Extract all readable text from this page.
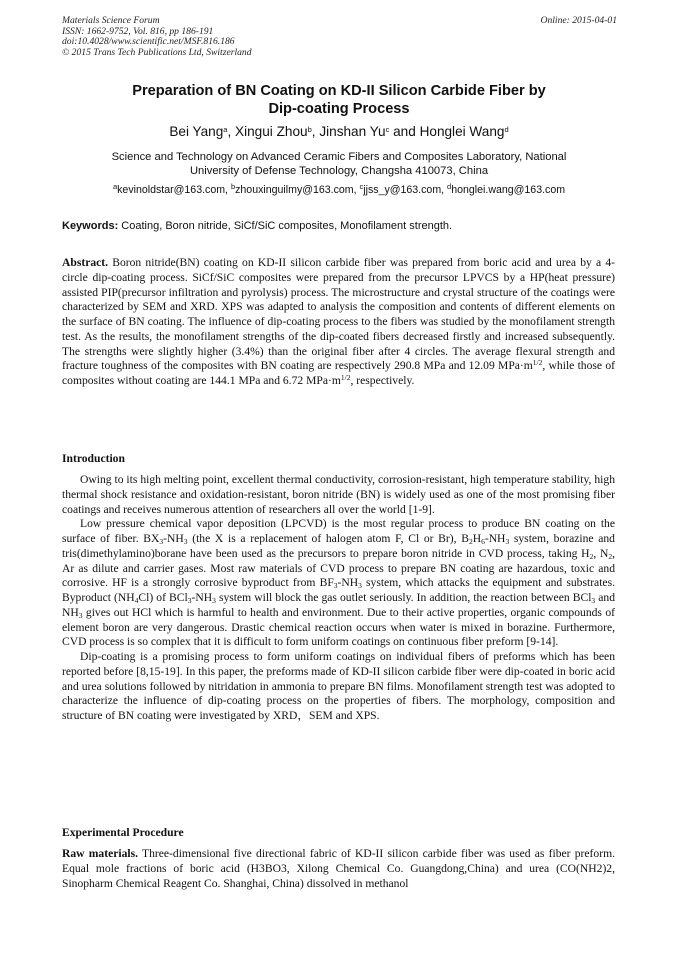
Materials Science Forum
ISSN: 1662-9752, Vol. 816, pp 186-191
doi:10.4028/www.scientific.net/MSF.816.186
© 2015 Trans Tech Publications Ltd, Switzerland
Online: 2015-04-01
Preparation of BN Coating on KD-II Silicon Carbide Fiber by
Dip-coating Process
Bei Yang$^a$, Xingui Zhou$^b$, Jinshan Yu$^c$ and Honglei Wang$^d$
Science and Technology on Advanced Ceramic Fibers and Composites Laboratory, National
University of Defense Technology, Changsha 410073, China
$^a$kevinoldstar@163.com, $^b$zhouxinguilmy@163.com, $^c$jjss_y@163.com, $^d$honglei.wang@163.com
Keywords: Coating, Boron nitride, SiCf/SiC composites, Monofilament strength.

Abstract. Boron nitride(BN) coating on KD-II silicon carbide fiber was prepared from boric acid and urea by a 4-circle dip-coating process. SiCf/SiC composites were prepared from the precursor LPVCS by a HP(heat pressure) assisted PIP(precursor infiltration and pyrolysis) process. The microstructure and crystal structure of the coatings were characterized by SEM and XRD. XPS was adapted to analysis the composition and contents of different elements on the surface of BN coating. The influence of dip-coating process to the fibers was studied by the monofilament strength test. As the results, the monofilament strengths of the dip-coated fibers decreased firstly and increased subsequently. The strengths were slightly higher (3.4%) than the original fiber after 4 circles. The average flexural strength and fracture toughness of the composites with BN coating are respectively 290.8 MPa and 12.09 $MPa\cdot m^{1/2}$, while those of composites without coating are 144.1 MPa and 6.72 $MPa\cdot m^{1/2}$, respectively.

Introduction

Owing to its high melting point, excellent thermal conductivity, corrosion-resistant, high temperature stability, high thermal shock resistance and oxidation-resistant, boron nitride (BN) is widely used as one of the most promising fiber coatings and receives numerous attention of researchers all over the world [1-9].

Low pressure chemical vapor deposition (LPCVD) is the most regular process to produce BN coating on the surface of fiber. $BX_3-NH_3$ (the X is a replacement of halogen atom F, Cl or Br), $B_2H_6-NH_3$ system, borazine and tris(dimethylamino)borane have been used as the precursors to prepare boron nitride in CVD process, taking $H_2$, $N_2$, Ar as dilute and carrier gases. Most raw materials of CVD process to prepare BN coating are hazardous, toxic and corrosive. HF is a strongly corrosive byproduct from $BF_3-NH_3$ system, which attacks the equipment and substrates. Byproduct $(NH_4Cl)$ of $BCl_3-NH_3$ system will block the gas outlet seriously. In addition, the reaction between BCl$_3$ and $NH_3$ gives out HCl which is harmful to health and environment. Due to their active properties, organic compounds of element boron are very dangerous. Drastic chemical reaction occurs when water is mixed in borazine. Furthermore, CVD process is so complex that it is difficult to form uniform coatings on continuous fiber preform [9-14].

Dip-coating is a promising process to form uniform coatings on individual fibers of preforms which has been reported before [8,15-19]. In this paper, the preforms made of KD-II silicon carbide fiber were dip-coated in boric acid and urea solutions followed by nitridation in ammonia to prepare BN films. Monofilament strength test was adopted to characterize the influence of dip-coating process on the properties of fibers. The morphology, composition and structure of BN coating were investigated by XRD，SEM and XPS.

Experimental Procedure

Raw materials. Three-dimensional five directional fabric of KD-II silicon carbide fiber was used as fiber preform. Equal mole fractions of boric acid (H3BO3, Xilong Chemical Co. Guangdong,China) and urea (CO(NH2)2, Sinopharm Chemical Reagent Co. Shanghai, China) dissolved in methanol
